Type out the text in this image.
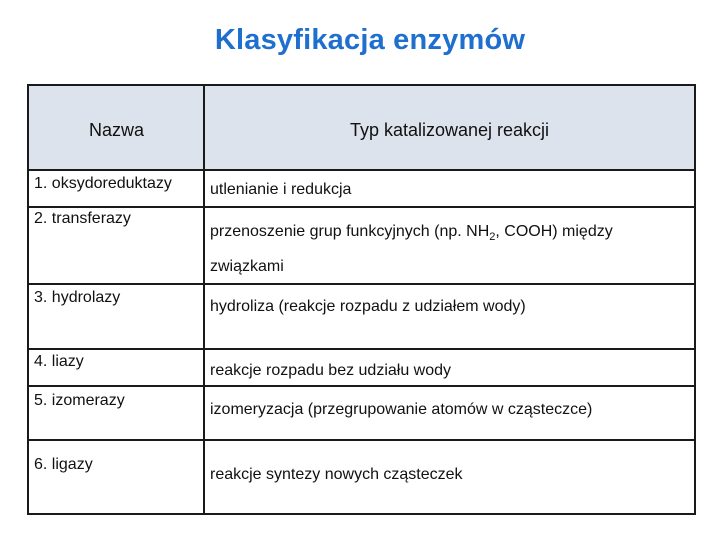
Klasyfikacja enzymów
Nazwa	Typ katalizowanej reakcji
1. oksydoreduktazy utlenianie i redukcja
2. transferazy
przenoszenie grup funkcyjnych (np. $NH_2$, COOH) między
związkami
3. hydrolazy
hydroliza (reakcje rozpadu z udziałem wody)
4. liazy
reakcje rozpadu bez udziału wody
5. izomerazy
izomeryzacja (przegrupowanie atomów w cząsteczce)
6. ligazy
reakcje syntezy nowych cząsteczek
